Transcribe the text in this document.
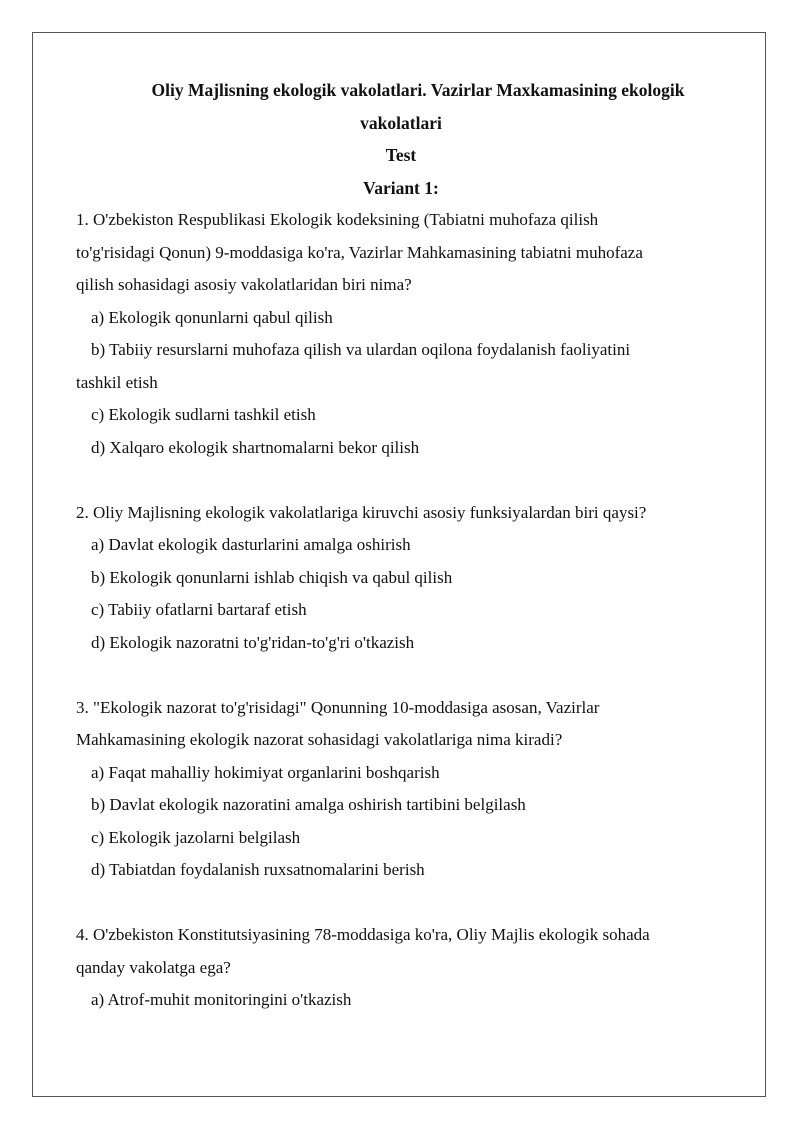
Oliy Majlisning ekologik vakolatlari. Vazirlar Maxkamasining ekologik

vakolatlari

Test

Variant 1:

1. O'zbekiston Respublikasi Ekologik kodeksining (Tabiatni muhofaza qilish

to'g'risidagi Qonun) 9-moddasiga ko'ra, Vazirlar Mahkamasining tabiatni muhofaza

qilish sohasidagi asosiy vakolatlaridan biri nima?

a) Ekologik qonunlarni qabul qilish

b) Tabiiy resurslarni muhofaza qilish va ulardan oqilona foydalanish faoliyatini

tashkil etish

c) Ekologik sudlarni tashkil etish

d) Xalqaro ekologik shartnomalarni bekor qilish

2. Oliy Majlisning ekologik vakolatlariga kiruvchi asosiy funksiyalardan biri qaysi?

a) Davlat ekologik dasturlarini amalga oshirish

b) Ekologik qonunlarni ishlab chiqish va qabul qilish

c) Tabiiy ofatlarni bartaraf etish

d) Ekologik nazoratni to'g'ridan-to'g'ri o'tkazish

3. "Ekologik nazorat to'g'risidagi" Qonunning 10-moddasiga asosan, Vazirlar

Mahkamasining ekologik nazorat sohasidagi vakolatlariga nima kiradi?

a) Faqat mahalliy hokimiyat organlarini boshqarish

b) Davlat ekologik nazoratini amalga oshirish tartibini belgilash

c) Ekologik jazolarni belgilash

d) Tabiatdan foydalanish ruxsatnomalarini berish

4. O'zbekiston Konstitutsiyasining 78-moddasiga ko'ra, Oliy Majlis ekologik sohada

qanday vakolatga ega?

a) Atrof-muhit monitoringini o'tkazish
